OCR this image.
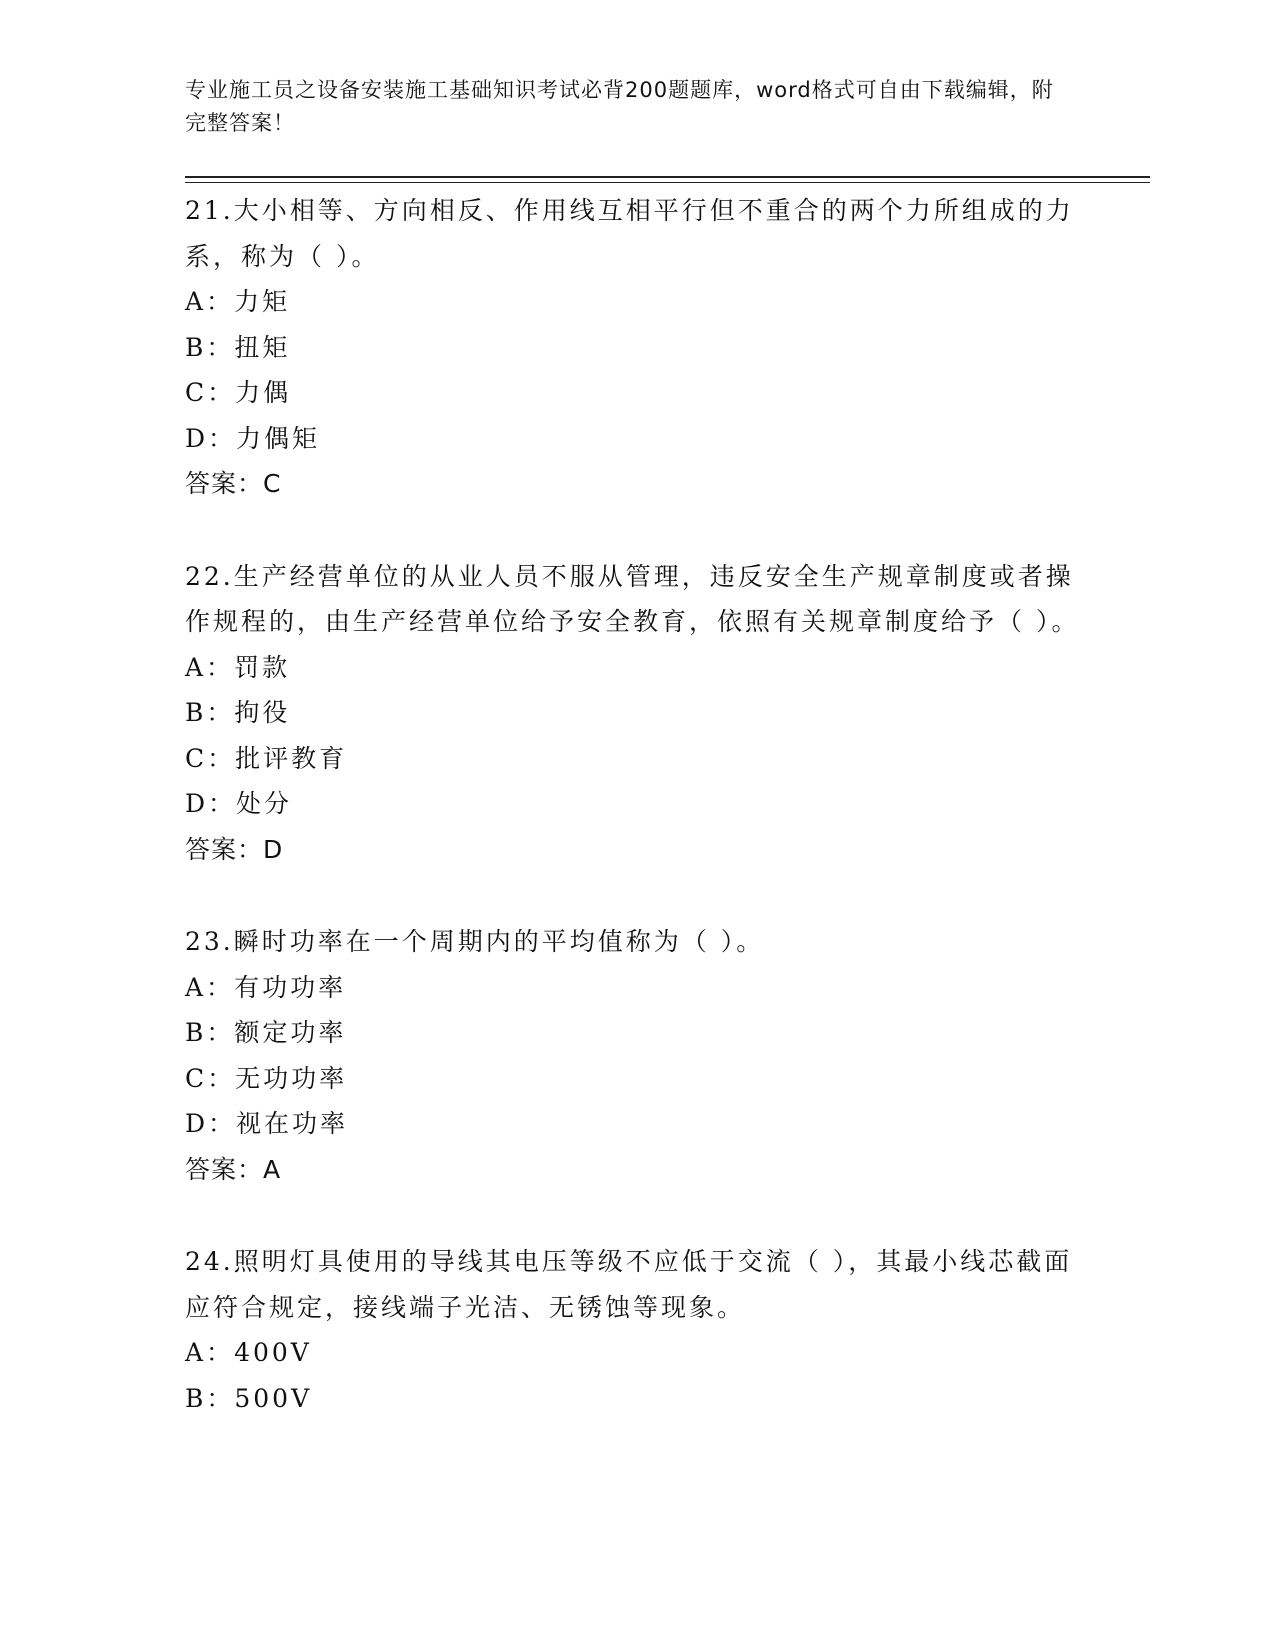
专业施工员之设备安装施工基础知识考试必背200题题库，word格式可自由下载编辑，附完整答案！

21.大小相等、方向相反、作用线互相平行但不重合的两个力所组成的力系，称为（ ）。

A：力矩

B：扭矩

C：力偶

D：力偶矩

答案：C

22.生产经营单位的从业人员不服从管理，违反安全生产规章制度或者操作规程的，由生产经营单位给予安全教育，依照有关规章制度给予（ ）。

A：罚款

B：拘役

C：批评教育

D：处分

答案：D

23.瞬时功率在一个周期内的平均值称为（ ）。

A：有功功率

B：额定功率

C：无功功率

D：视在功率

答案：A

24.照明灯具使用的导线其电压等级不应低于交流（ ），其最小线芯截面应符合规定，接线端子光洁、无锈蚀等现象。

A：400V

B：500V
